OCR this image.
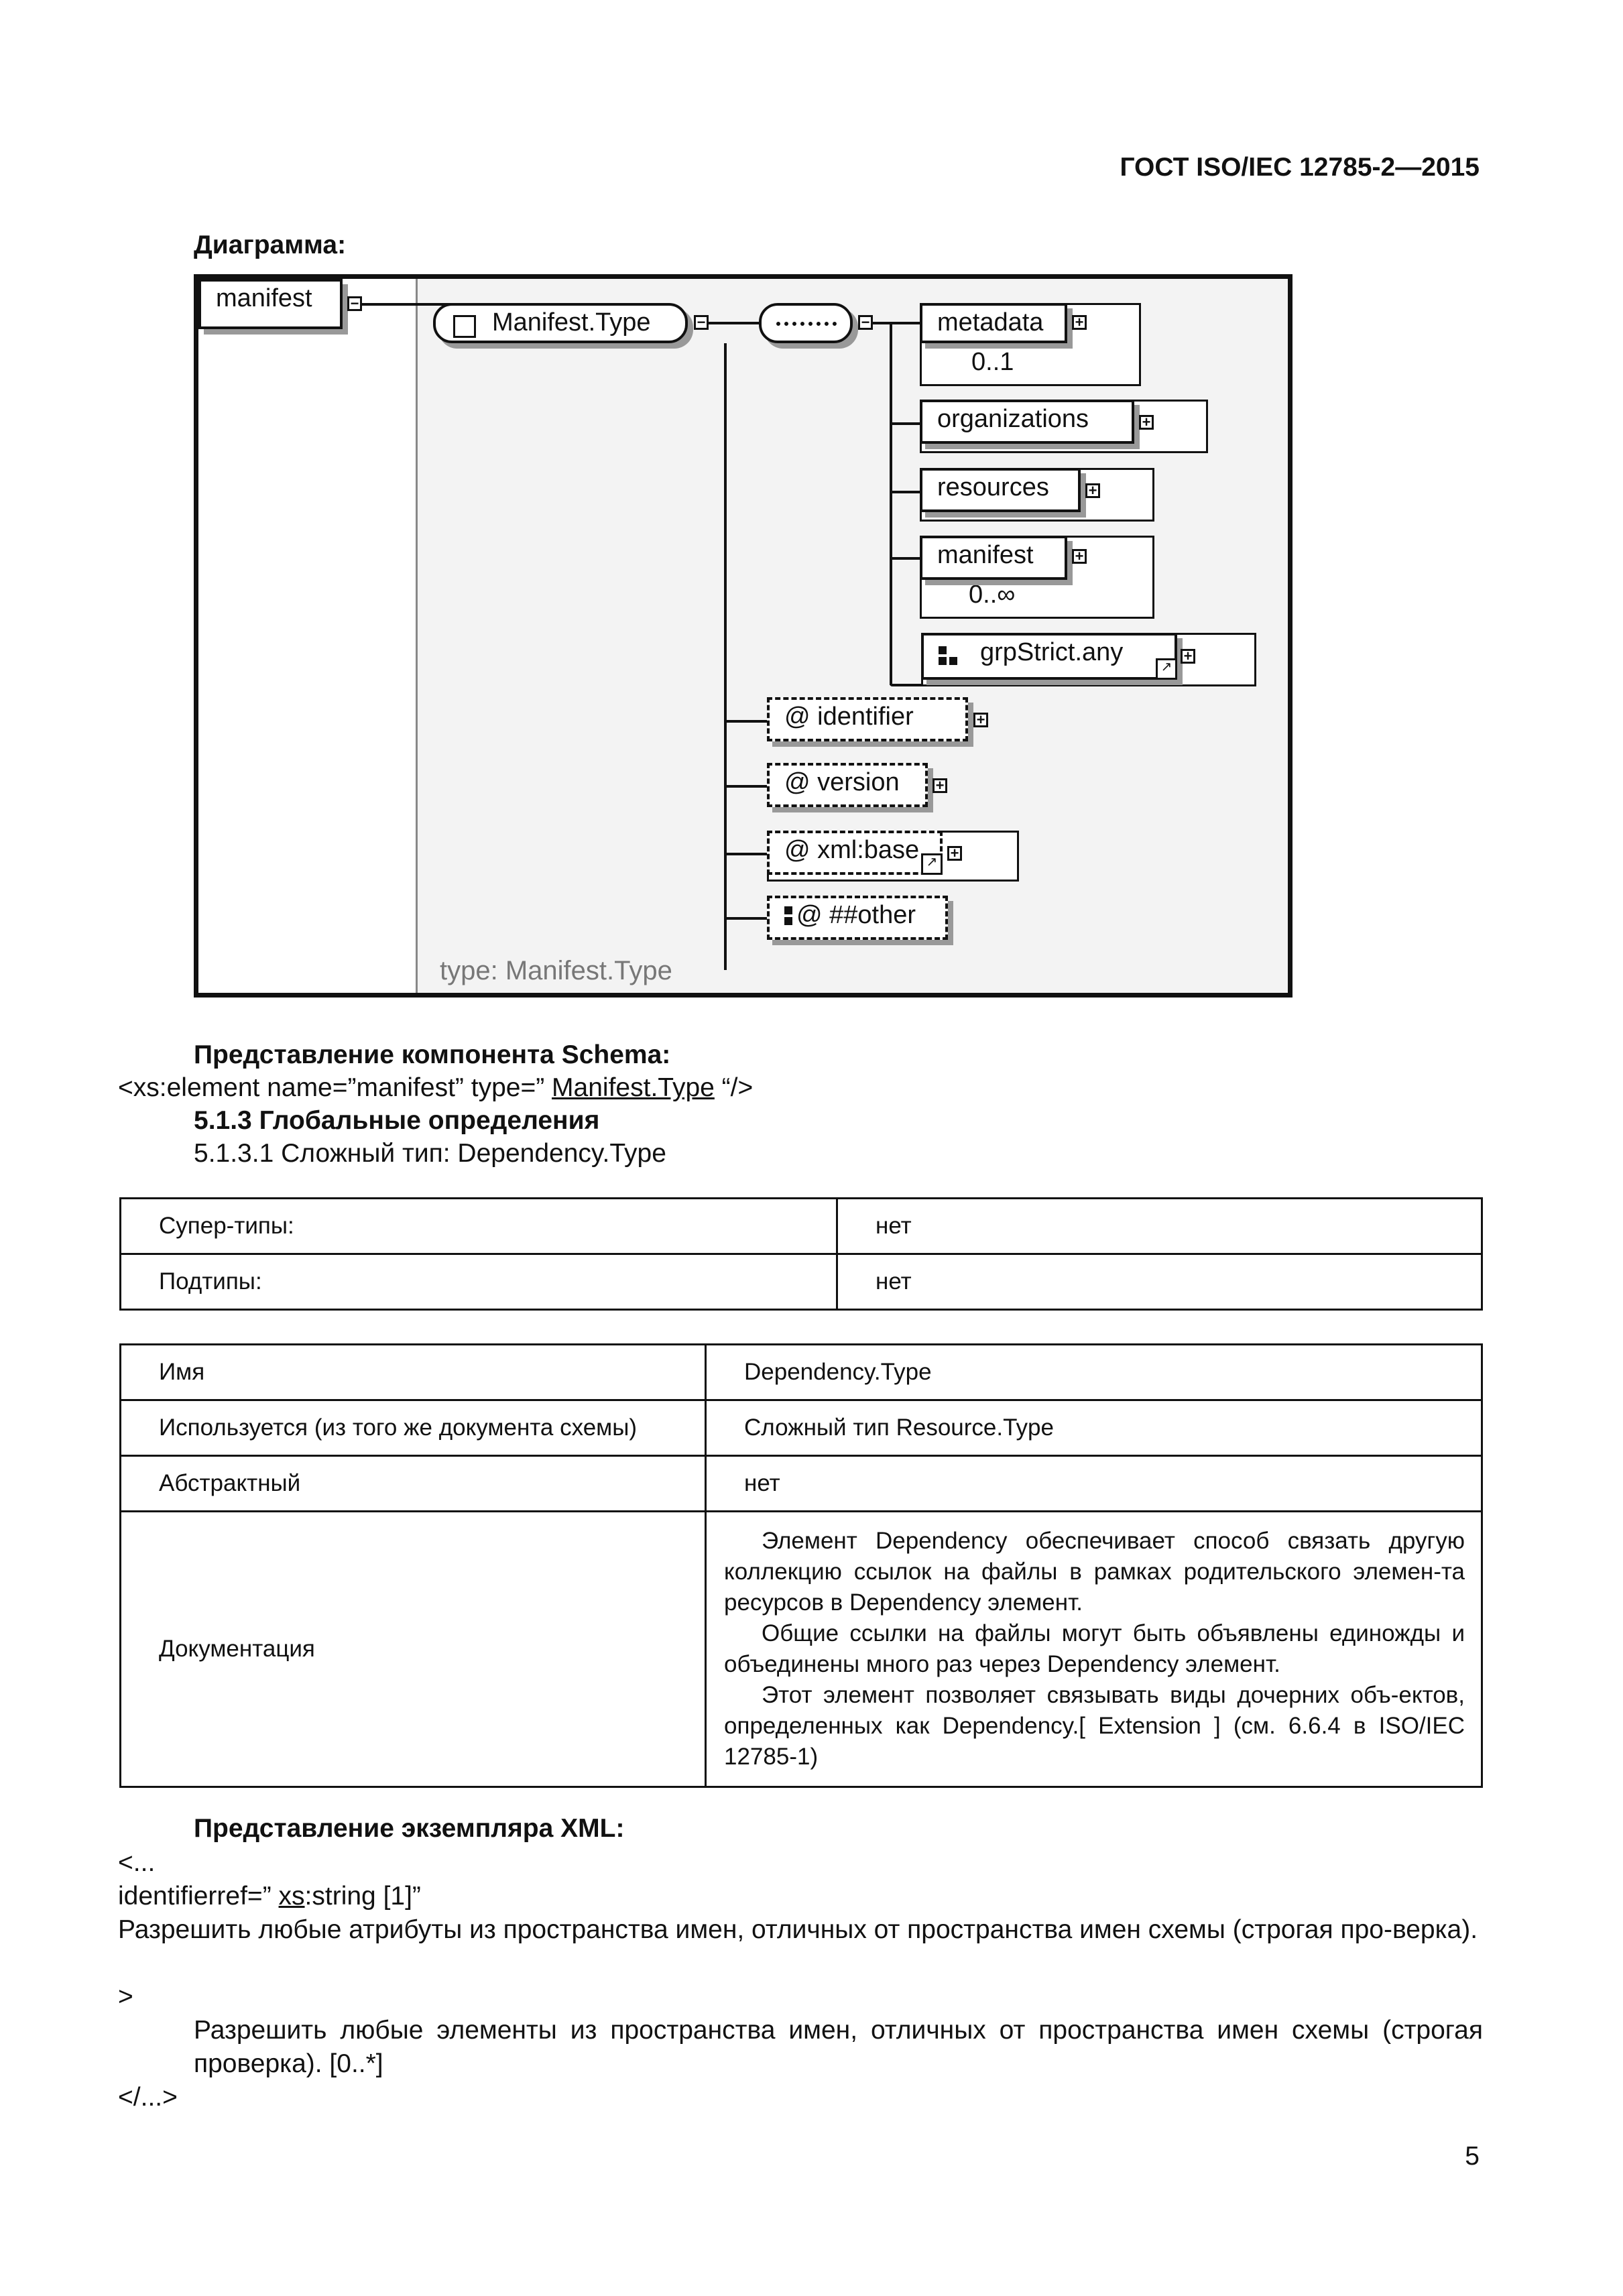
ГОСТ ISO/IEC 12785-2—2015
Диаграмма:
manifest	−
Manifest.Type	−	−
0..1
metadata +
organizations	+
resources	+
0..∞
manifest	+
grpStrict.any
↗
+
@ identifier	+
@ version +
@ xml:base ↗
+
@ ##other
type: Manifest.Type
Представление компонента Schema:
<xs:element name=”manifest” type=” Manifest.Type “/>
5.1.3 Глобальные определения
5.1.3.1 Сложный тип: Dependency.Type
Супер-типы:	нет
Подтипы:	нет
Имя	Dependency.Type
Используется (из того же документа схемы)	Сложный тип Resource.Type
Абстрактный	нет
Документация	Элемент Dependency обеспечивает способ связать другую коллекцию ссылок на файлы в рамках родительского элемен-та ресурсов в Dependency элемент.

Общие ссылки на файлы могут быть объявлены единожды и объединены много раз через Dependency элемент.

Этот элемент позволяет связывать виды дочерних объ-ектов, определенных как Dependency.[ Extension ] (см. 6.6.4 в ISO/IEC 12785-1)

Представление экземпляра XML:
<...
identifierref=” xs:string [1]”
Разрешить любые атрибуты из пространства имен, отличных от пространства имен схемы (строгая про-верка).
>
Разрешить любые элементы из пространства имен, отличных от пространства имен схемы (строгая проверка). [0..*]
</...>
5
